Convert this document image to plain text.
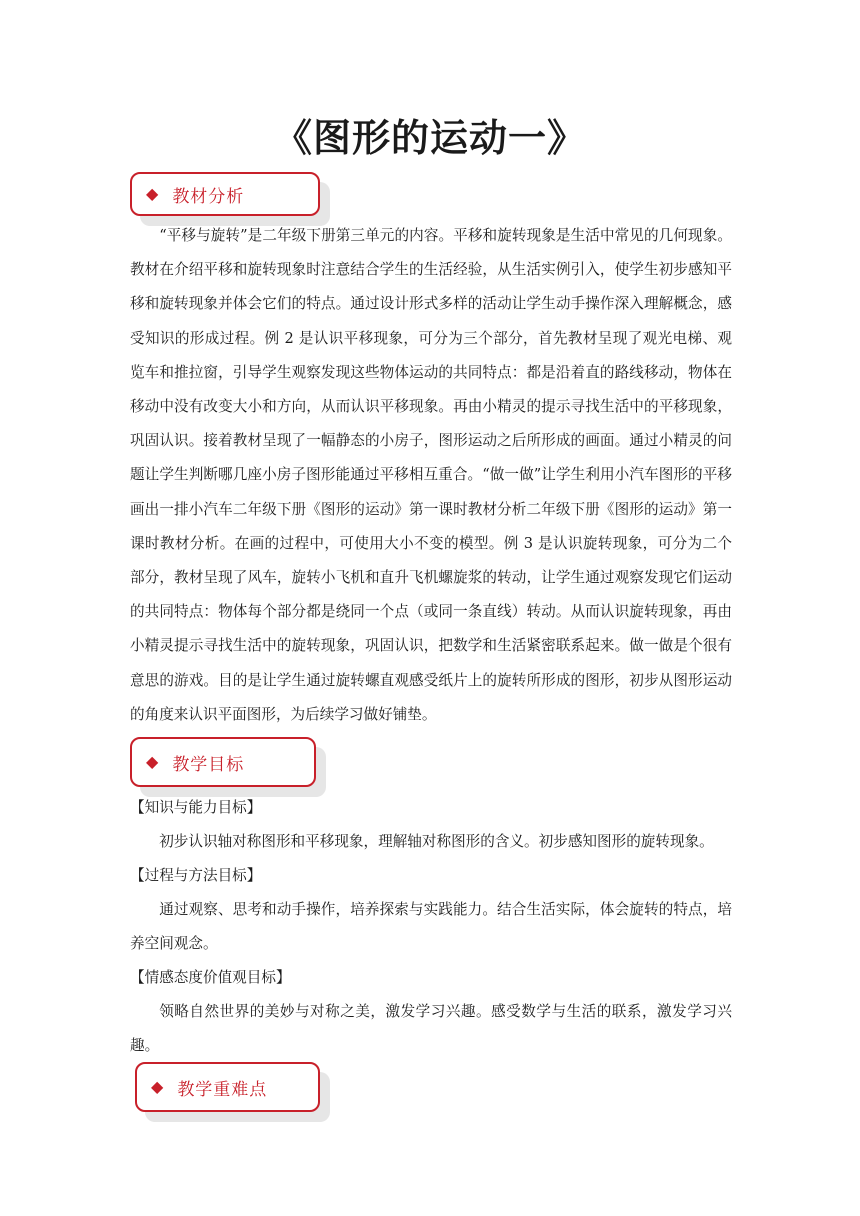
《图形的运动一》
◆ 教材分析

“平移与旋转”是二年级下册第三单元的内容。平移和旋转现象是生活中常见的几何现象。教材在介绍平移和旋转现象时注意结合学生的生活经验，从生活实例引入，使学生初步感知平移和旋转现象并体会它们的特点。通过设计形式多样的活动让学生动手操作深入理解概念，感受知识的形成过程。例 2 是认识平移现象，可分为三个部分，首先教材呈现了观光电梯、观览车和推拉窗，引导学生观察发现这些物体运动的共同特点：都是沿着直的路线移动，物体在移动中没有改变大小和方向，从而认识平移现象。再由小精灵的提示寻找生活中的平移现象，巩固认识。接着教材呈现了一幅静态的小房子，图形运动之后所形成的画面。通过小精灵的问题让学生判断哪几座小房子图形能通过平移相互重合。“做一做”让学生利用小汽车图形的平移画出一排小汽车二年级下册《图形的运动》第一课时教材分析二年级下册《图形的运动》第一课时教材分析。在画的过程中，可使用大小不变的模型。例 3 是认识旋转现象，可分为二个部分，教材呈现了风车，旋转小飞机和直升飞机螺旋浆的转动，让学生通过观察发现它们运动的共同特点：物体每个部分都是绕同一个点（或同一条直线）转动。从而认识旋转现象，再由小精灵提示寻找生活中的旋转现象，巩固认识，把数学和生活紧密联系起来。做一做是个很有意思的游戏。目的是让学生通过旋转螺直观感受纸片上的旋转所形成的图形，初步从图形运动的角度来认识平面图形，为后续学习做好铺垫。

◆ 教学目标

【知识与能力目标】

初步认识轴对称图形和平移现象，理解轴对称图形的含义。初步感知图形的旋转现象。

【过程与方法目标】

通过观察、思考和动手操作，培养探索与实践能力。结合生活实际，体会旋转的特点，培养空间观念。

【情感态度价值观目标】

领略自然世界的美妙与对称之美，激发学习兴趣。感受数学与生活的联系，激发学习兴趣。

◆ 教学重难点
